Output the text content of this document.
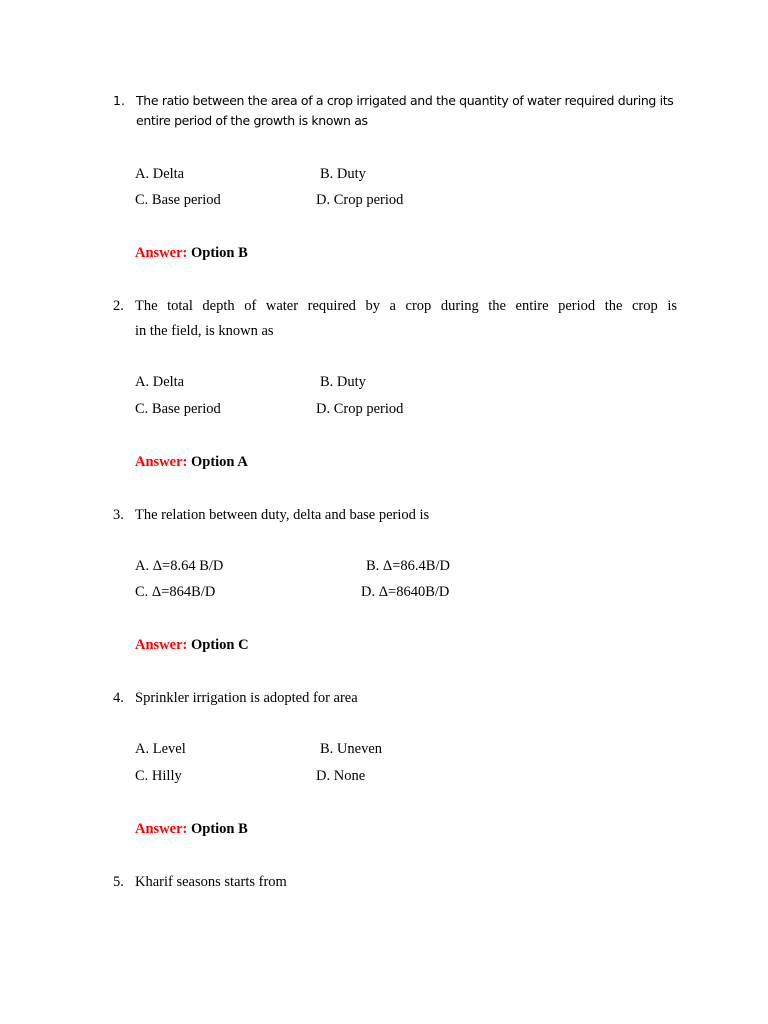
1. The ratio between the area of a crop irrigated and the quantity of water required during its
entire period of the growth is known as
A. Delta	B. Duty
C. Base period	D. Crop period
Answer: Option B
2. The total depth of water required by a crop during the entire period the crop is
in the field, is known as
A. Delta	B. Duty
C. Base period	D. Crop period
Answer: Option A
3. The relation between duty, delta and base period is
A. Δ=8.64 B/D	B. Δ=86.4B/D
C. Δ=864B/D	D. Δ=8640B/D
Answer: Option C
4. Sprinkler irrigation is adopted for area
A. Level	B. Uneven
C. Hilly	D. None
Answer: Option B
5. Kharif seasons starts from
